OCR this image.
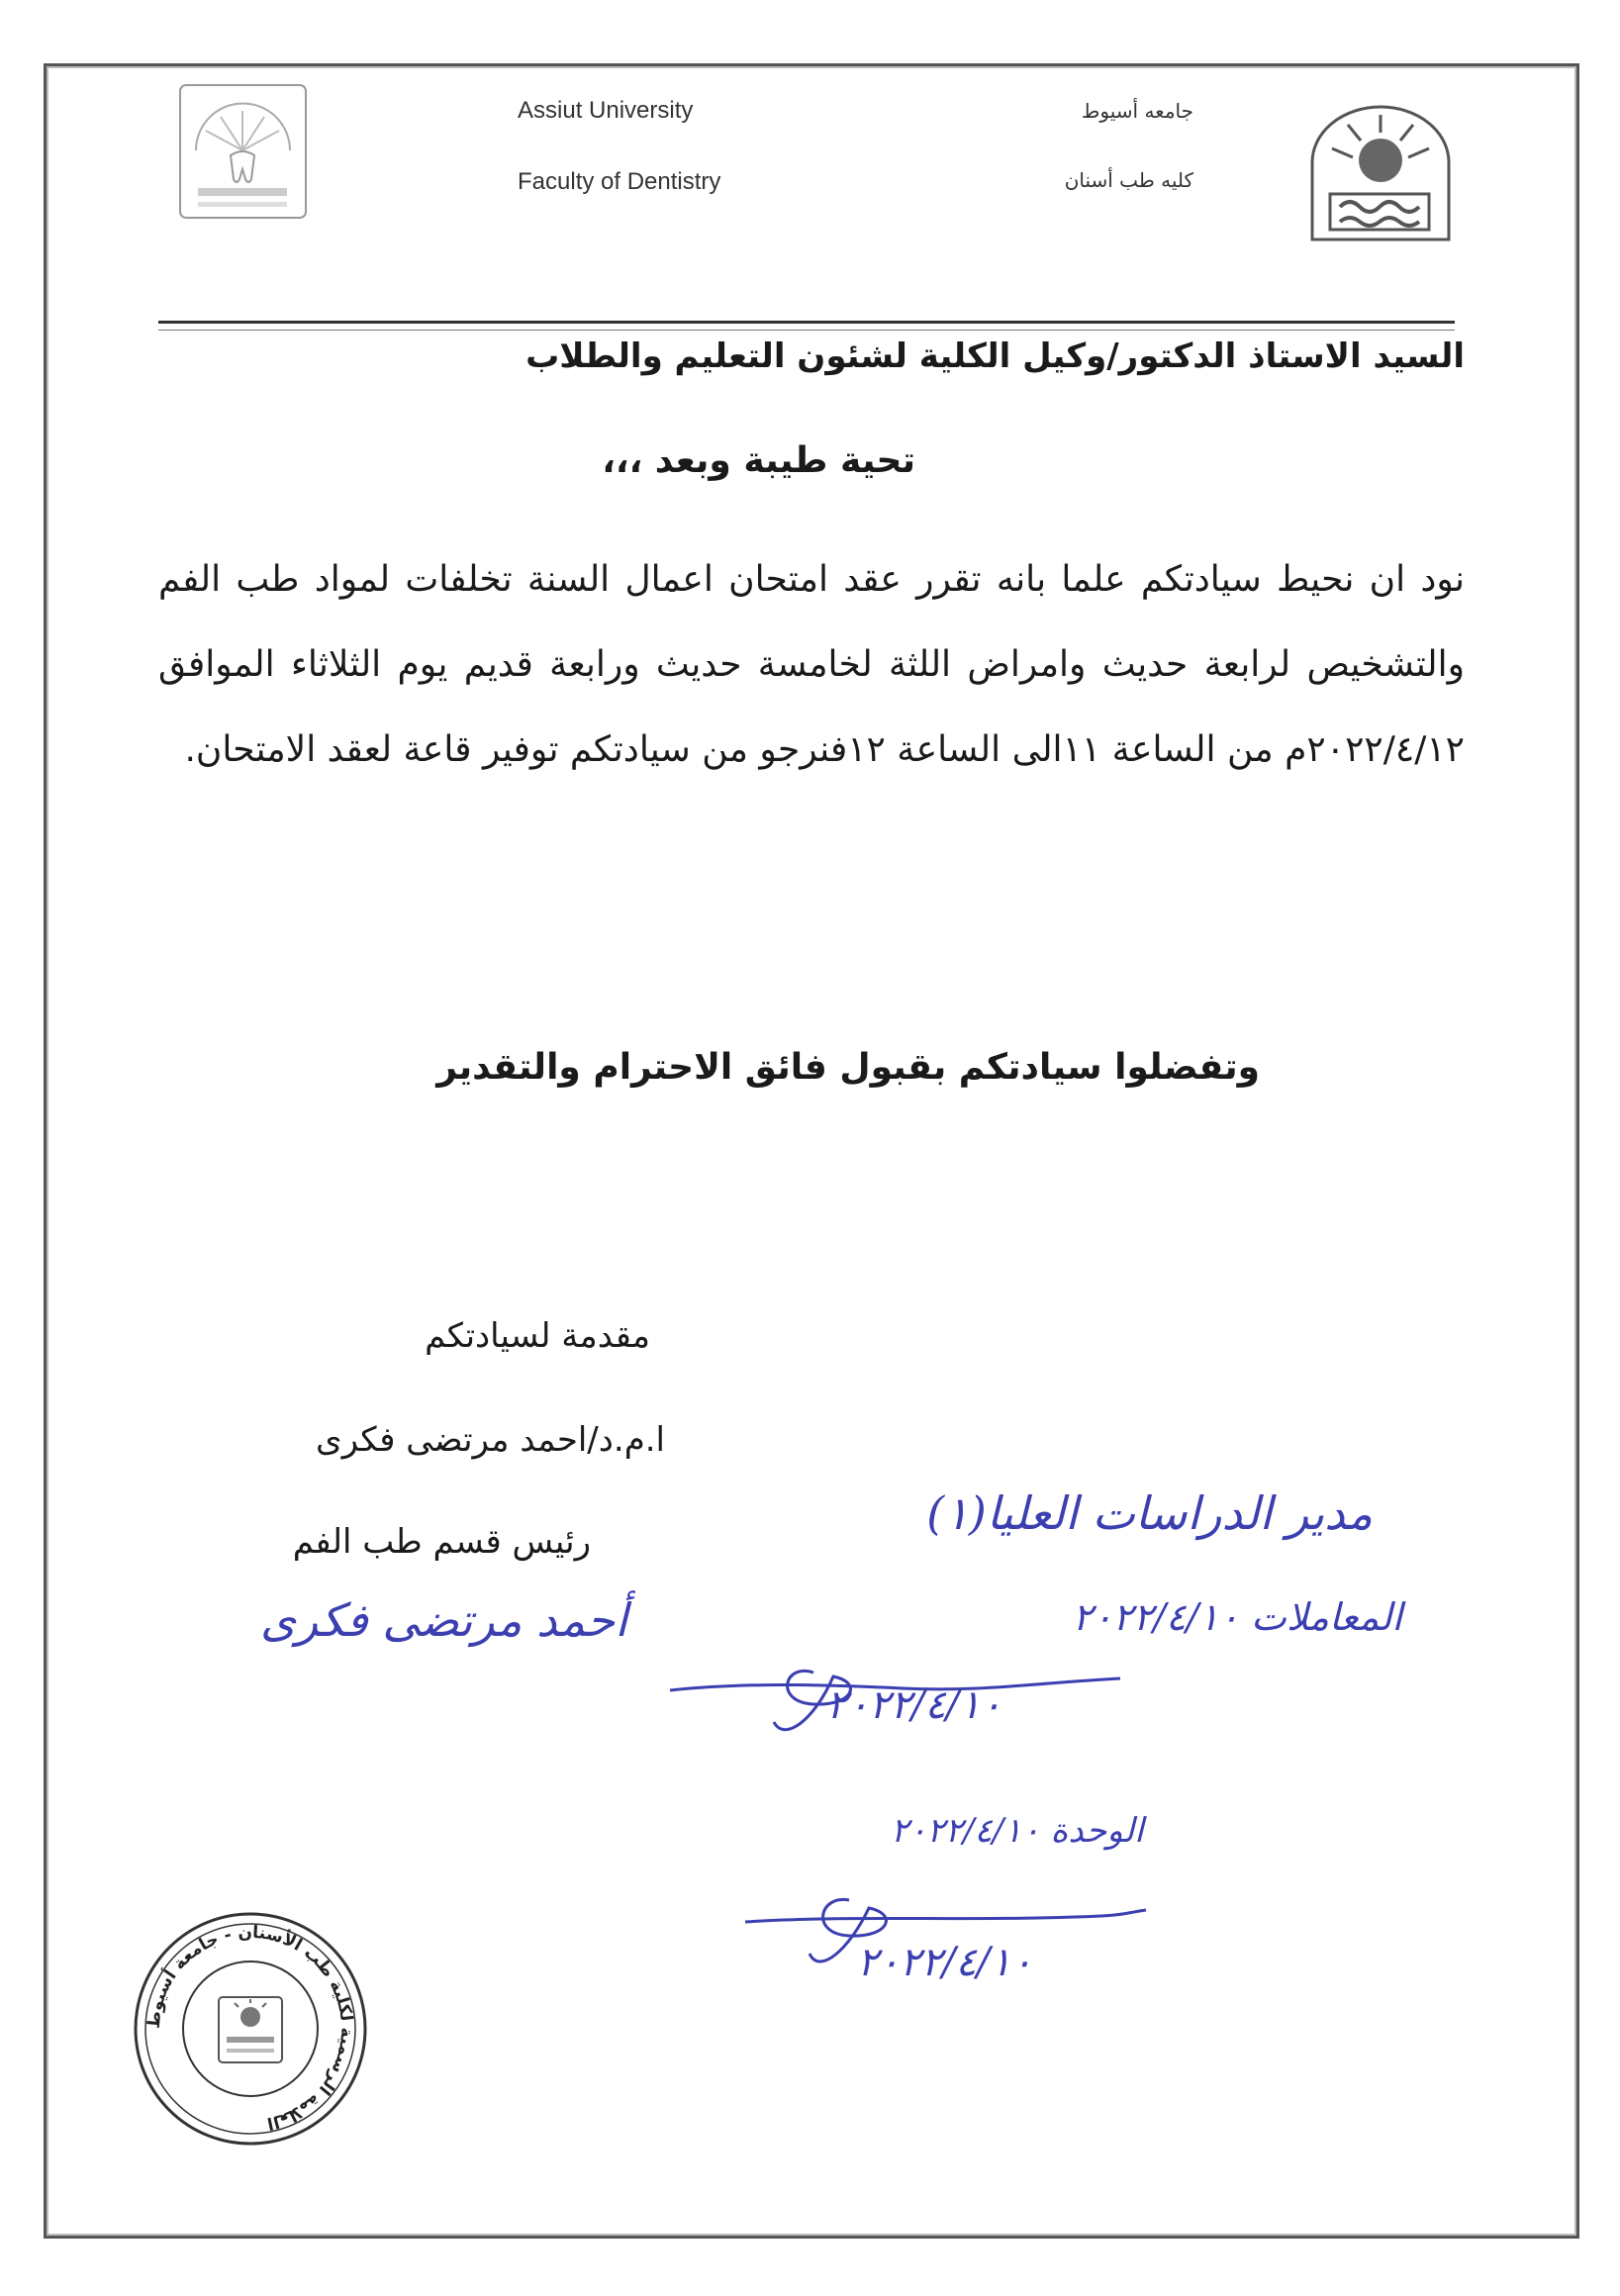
Assiut University
Faculty of Dentistry
جامعه أسيوط
كليه طب أسنان
السيد الاستاذ الدكتور/وكيل الكلية لشئون التعليم والطلاب
تحية طيبة وبعد ،،،
نود ان نحيط سيادتكم علما بانه تقرر عقد امتحان اعمال السنة تخلفات لمواد طب الفم والتشخيص لرابعة حديث وامراض اللثة لخامسة حديث ورابعة قديم يوم الثلاثاء الموافق ٢٠٢٢/٤/١٢م من الساعة ١١الى الساعة ١٢فنرجو من سيادتكم توفير قاعة لعقد الامتحان.
وتفضلوا سيادتكم بقبول فائق الاحترام والتقدير
مقدمة لسيادتكم
ا.م.د/احمد مرتضى فكرى
رئيس قسم طب الفم
أحمد مرتضى فكرى
مدير الدراسات العليا(١)
المعاملات ٢٠٢٢/٤/١٠
٢٠٢٢/٤/١٠
الوحدة ٢٠٢٢/٤/١٠
٢٠٢٢/٤/١٠
العلامة الرسمية لكلية طب الأسنان - جامعة أسيوط
